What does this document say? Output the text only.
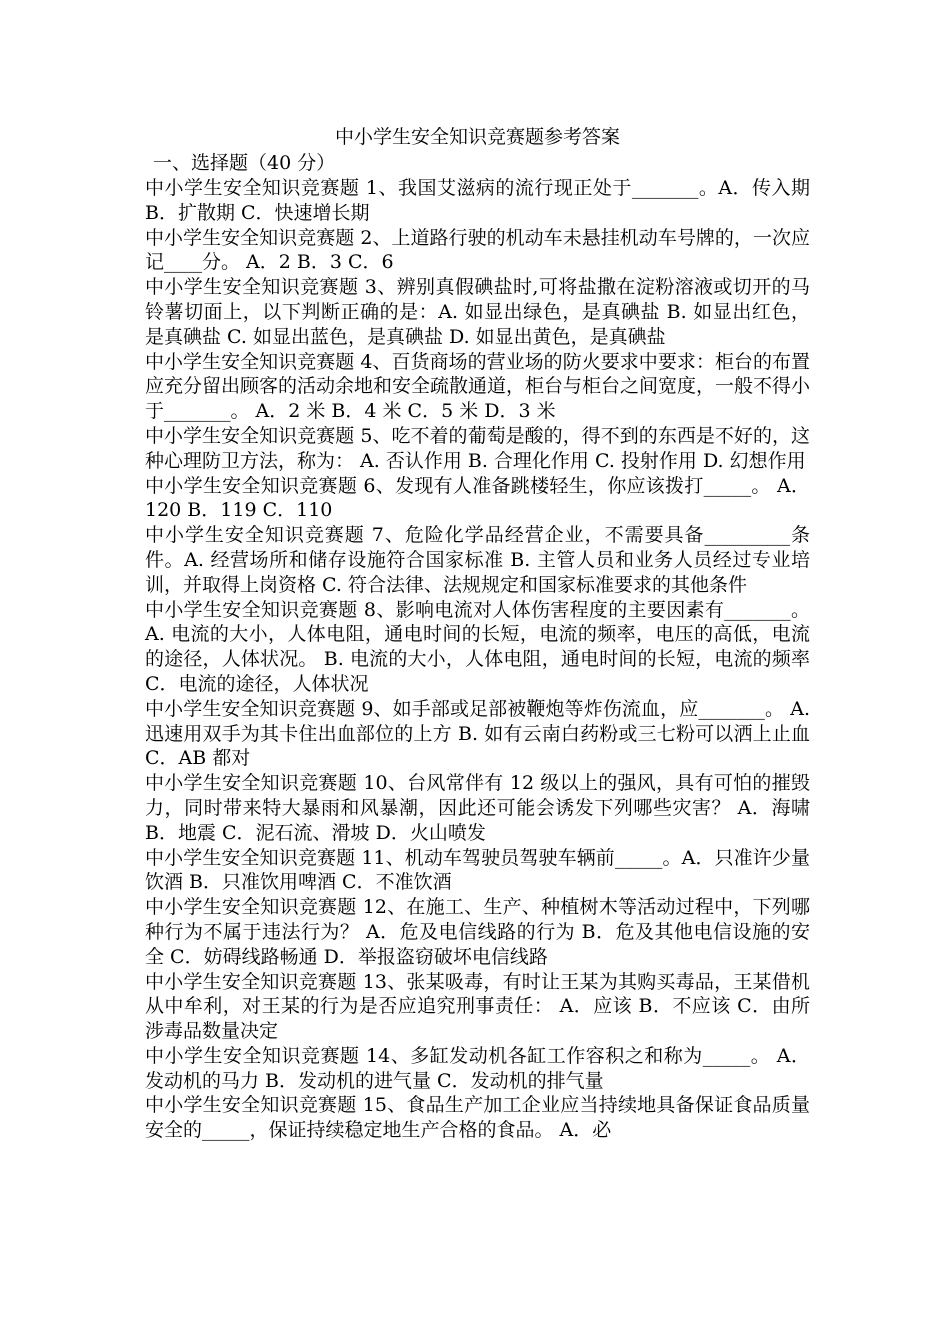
中小学生安全知识竞赛题参考答案
一、选择题（40 分）

中小学生安全知识竞赛题 1、我国艾滋病的流行现正处于_______。A．传入期 B．扩散期 C．快速增长期

中小学生安全知识竞赛题 2、上道路行驶的机动车未悬挂机动车号牌的，一次应记____分。 A．2 B．3 C．6

中小学生安全知识竞赛题 3、辨别真假碘盐时,可将盐撒在淀粉溶液或切开的马铃薯切面上，以下判断正确的是：A. 如显出绿色，是真碘盐 B. 如显出红色，是真碘盐 C. 如显出蓝色，是真碘盐 D. 如显出黄色，是真碘盐

中小学生安全知识竞赛题 4、百货商场的营业场的防火要求中要求：柜台的布置应充分留出顾客的活动余地和安全疏散通道，柜台与柜台之间宽度，一般不得小于_______。 A．2 米 B．4 米 C．5 米 D．3 米

中小学生安全知识竞赛题 5、吃不着的葡萄是酸的，得不到的东西是不好的，这种心理防卫方法，称为： A. 否认作用 B. 合理化作用 C. 投射作用 D. 幻想作用

中小学生安全知识竞赛题 6、发现有人准备跳楼轻生，你应该拨打_____。 A．120 B．119 C．110

中小学生安全知识竞赛题 7、危险化学品经营企业，不需要具备_________条件。A. 经营场所和储存设施符合国家标准 B. 主管人员和业务人员经过专业培训，并取得上岗资格 C. 符合法律、法规规定和国家标准要求的其他条件

中小学生安全知识竞赛题 8、影响电流对人体伤害程度的主要因素有_______。 A. 电流的大小，人体电阻，通电时间的长短，电流的频率，电压的高低，电流的途径，人体状况。 B. 电流的大小，人体电阻，通电时间的长短，电流的频率 C．电流的途径，人体状况

中小学生安全知识竞赛题 9、如手部或足部被鞭炮等炸伤流血，应_______。 A. 迅速用双手为其卡住出血部位的上方 B. 如有云南白药粉或三七粉可以洒上止血 C．AB 都对

中小学生安全知识竞赛题 10、台风常伴有 12 级以上的强风，具有可怕的摧毁力，同时带来特大暴雨和风暴潮，因此还可能会诱发下列哪些灾害？ A．海啸 B．地震 C．泥石流、滑坡 D．火山喷发

中小学生安全知识竞赛题 11、机动车驾驶员驾驶车辆前_____。A．只准许少量饮酒 B．只准饮用啤酒 C．不准饮酒

中小学生安全知识竞赛题 12、在施工、生产、种植树木等活动过程中，下列哪种行为不属于违法行为？ A．危及电信线路的行为 B．危及其他电信设施的安全 C．妨碍线路畅通 D．举报盗窃破坏电信线路

中小学生安全知识竞赛题 13、张某吸毒，有时让王某为其购买毒品，王某借机从中牟利，对王某的行为是否应追究刑事责任： A．应该 B．不应该 C．由所涉毒品数量决定

中小学生安全知识竞赛题 14、多缸发动机各缸工作容积之和称为_____。 A．发动机的马力 B．发动机的进气量 C．发动机的排气量

中小学生安全知识竞赛题 15、食品生产加工企业应当持续地具备保证食品质量安全的_____，保证持续稳定地生产合格的食品。 A．必
